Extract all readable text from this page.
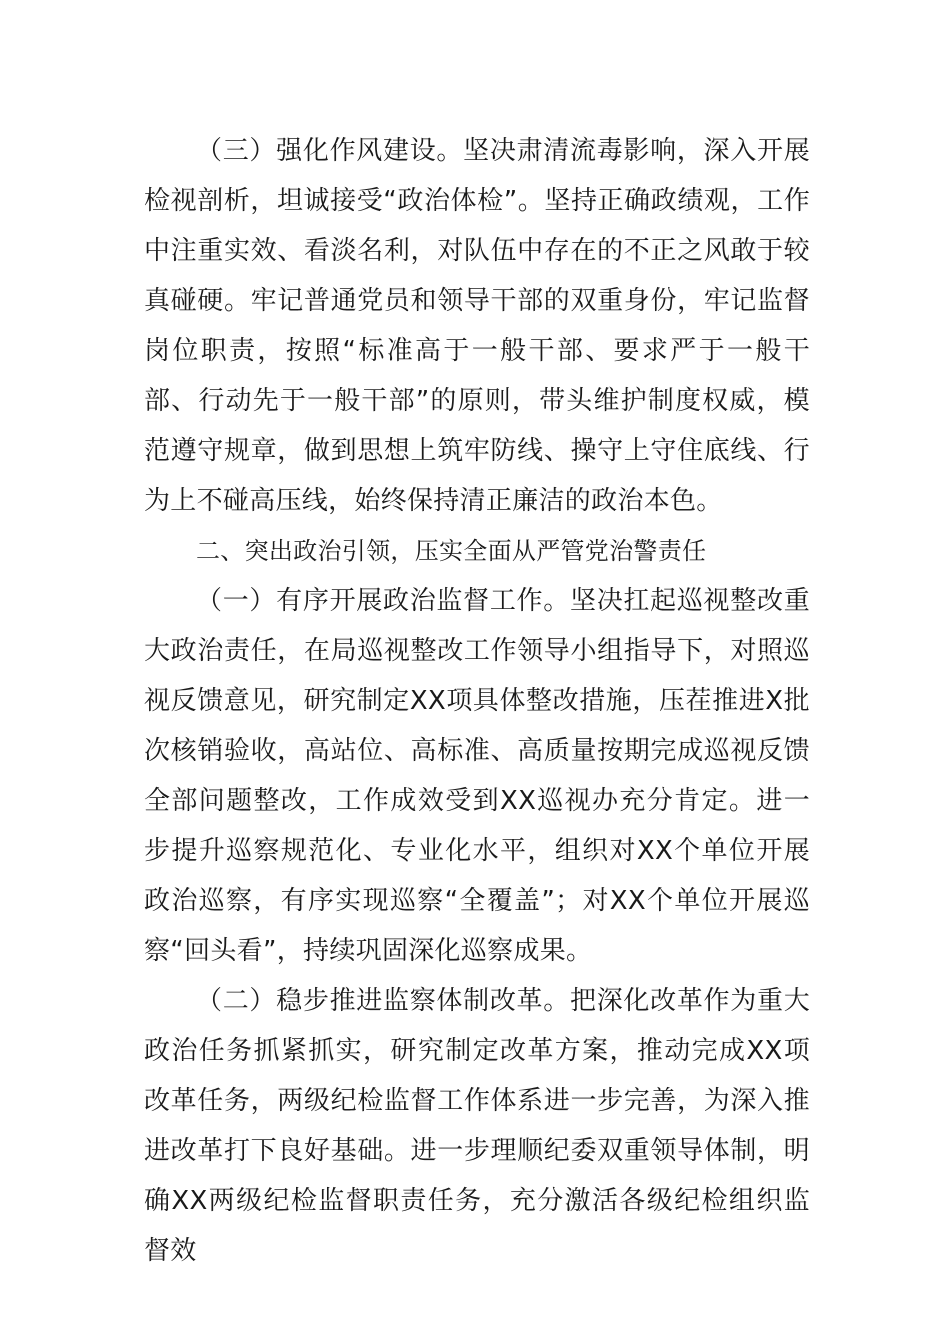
（三）强化作风建设。坚决肃清流毒影响，深入开展检视剖析，坦诚接受“政治体检”。坚持正确政绩观，工作中注重实效、看淡名利，对队伍中存在的不正之风敢于较真碰硬。牢记普通党员和领导干部的双重身份，牢记监督岗位职责，按照“标准高于一般干部、要求严于一般干部、行动先于一般干部”的原则，带头维护制度权威，模范遵守规章，做到思想上筑牢防线、操守上守住底线、行为上不碰高压线，始终保持清正廉洁的政治本色。

二、突出政治引领，压实全面从严管党治警责任

（一）有序开展政治监督工作。坚决扛起巡视整改重大政治责任，在局巡视整改工作领导小组指导下，对照巡视反馈意见，研究制定XX项具体整改措施，压茬推进X批次核销验收，高站位、高标准、高质量按期完成巡视反馈全部问题整改，工作成效受到XX巡视办充分肯定。进一步提升巡察规范化、专业化水平，组织对XX个单位开展政治巡察，有序实现巡察“全覆盖”；对XX个单位开展巡察“回头看”，持续巩固深化巡察成果。

（二）稳步推进监察体制改革。把深化改革作为重大政治任务抓紧抓实，研究制定改革方案，推动完成XX项改革任务，两级纪检监督工作体系进一步完善，为深入推进改革打下良好基础。进一步理顺纪委双重领导体制，明确XX两级纪检监督职责任务，充分激活各级纪检组织监督效
